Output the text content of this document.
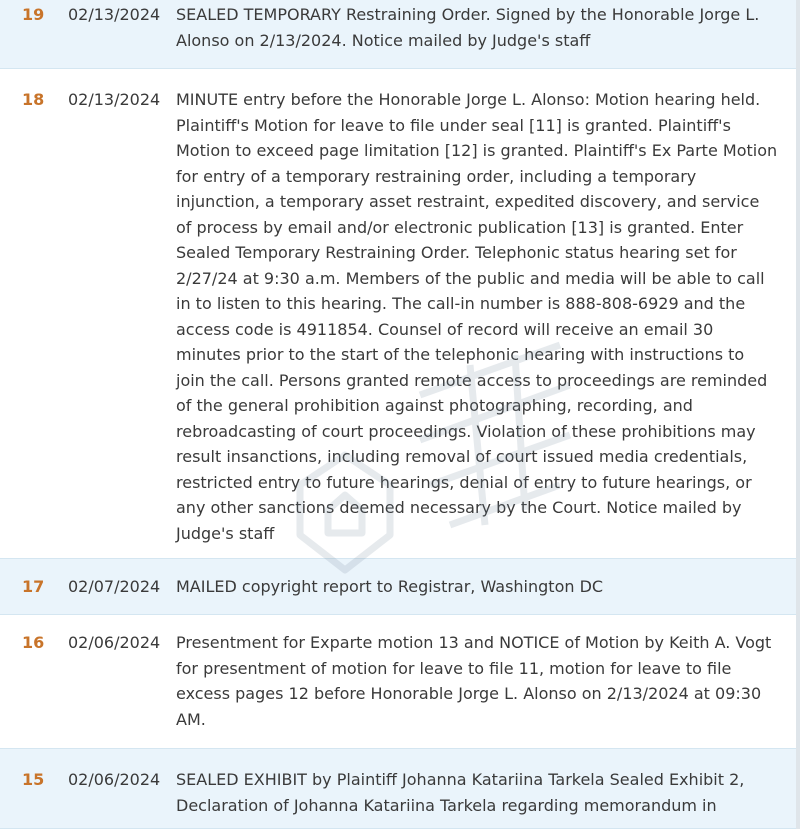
19	02/13/2024 SEALED TEMPORARY Restraining Order. Signed by the Honorable Jorge L. Alonso on 2/13/2024. Notice mailed by Judge's staff
18	02/13/2024 MINUTE entry before the Honorable Jorge L. Alonso: Motion hearing held. Plaintiff's Motion for leave to file under seal [11] is granted. Plaintiff's Motion to exceed page limitation [12] is granted. Plaintiff's Ex Parte Motion for entry of a temporary restraining order, including a temporary injunction, a temporary asset restraint, expedited discovery, and service of process by email and/or electronic publication [13] is granted. Enter Sealed Temporary Restraining Order. Telephonic status hearing set for 2/27/24 at 9:30 a.m. Members of the public and media will be able to call in to listen to this hearing. The call-in number is 888-808-6929 and the access code is 4911854. Counsel of record will receive an email 30 minutes prior to the start of the telephonic hearing with instructions to join the call. Persons granted remote access to proceedings are reminded of the general prohibition against photographing, recording, and rebroadcasting of court proceedings. Violation of these prohibitions may result insanctions, including removal of court issued media credentials, restricted entry to future hearings, denial of entry to future hearings, or any other sanctions deemed necessary by the Court. Notice mailed by Judge's staff
17	02/07/2024 MAILED copyright report to Registrar, Washington DC
16	02/06/2024 Presentment for Exparte motion 13 and NOTICE of Motion by Keith A. Vogt for presentment of motion for leave to file 11, motion for leave to file excess pages 12 before Honorable Jorge L. Alonso on 2/13/2024 at 09:30 AM.
15	02/06/2024 SEALED EXHIBIT by Plaintiff Johanna Katariina Tarkela Sealed Exhibit 2, Declaration of Johanna Katariina Tarkela regarding memorandum in
